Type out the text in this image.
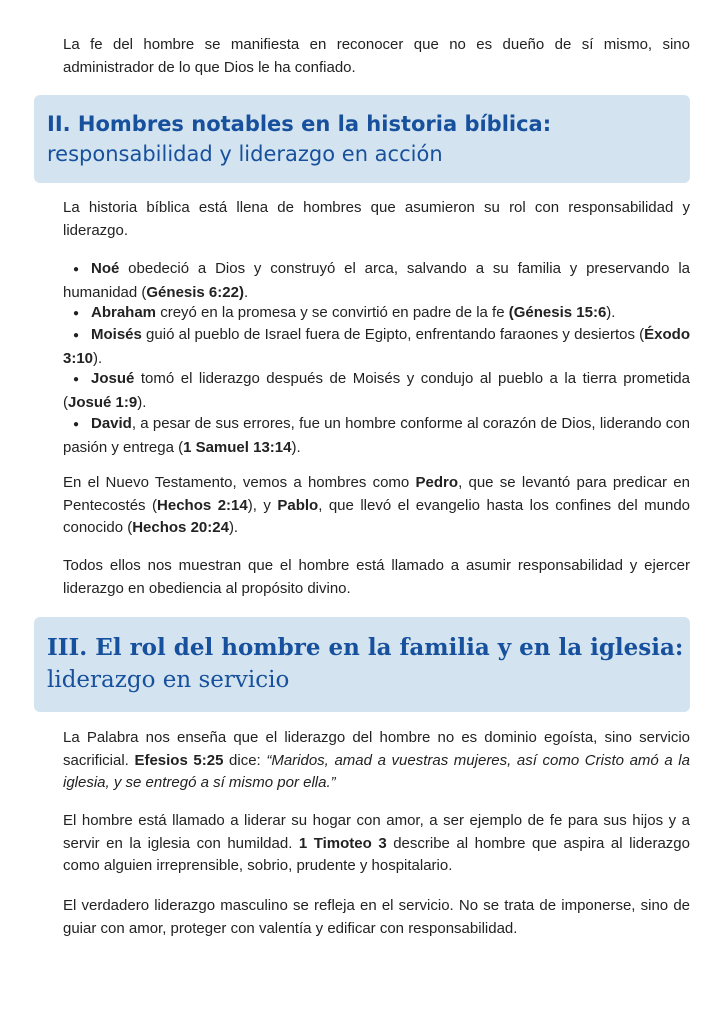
La fe del hombre se manifiesta en reconocer que no es dueño de sí mismo, sino administrador de lo que Dios le ha confiado.

II. Hombres notables en la historia bíblica: responsabilidad y liderazgo en acción

La historia bíblica está llena de hombres que asumieron su rol con responsabilidad y liderazgo.

● Noé obedeció a Dios y construyó el arca, salvando a su familia y preservando la humanidad (Génesis 6:22).

● Abraham creyó en la promesa y se convirtió en padre de la fe (Génesis 15:6).

● Moisés guió al pueblo de Israel fuera de Egipto, enfrentando faraones y desiertos (Éxodo 3:10).

● Josué tomó el liderazgo después de Moisés y condujo al pueblo a la tierra prometida (Josué 1:9).

● David, a pesar de sus errores, fue un hombre conforme al corazón de Dios, liderando con pasión y entrega (1 Samuel 13:14).

En el Nuevo Testamento, vemos a hombres como Pedro, que se levantó para predicar en Pentecostés (Hechos 2:14), y Pablo, que llevó el evangelio hasta los confines del mundo conocido (Hechos 20:24).

Todos ellos nos muestran que el hombre está llamado a asumir responsabilidad y ejercer liderazgo en obediencia al propósito divino.

III. El rol del hombre en la familia y en la iglesia:
liderazgo en servicio

La Palabra nos enseña que el liderazgo del hombre no es dominio egoísta, sino servicio sacrificial. Efesios 5:25 dice: “Maridos, amad a vuestras mujeres, así como Cristo amó a la iglesia, y se entregó a sí mismo por ella.”

El hombre está llamado a liderar su hogar con amor, a ser ejemplo de fe para sus hijos y a servir en la iglesia con humildad. 1 Timoteo 3 describe al hombre que aspira al liderazgo como alguien irreprensible, sobrio, prudente y hospitalario.

El verdadero liderazgo masculino se refleja en el servicio. No se trata de imponerse, sino de guiar con amor, proteger con valentía y edificar con responsabilidad.
